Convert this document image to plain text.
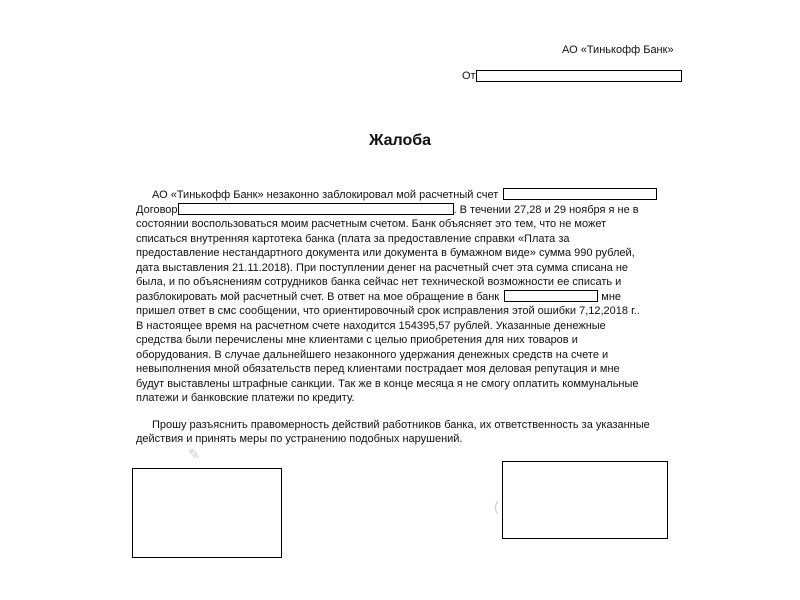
АО «Тинькофф Банк»
От
Жалоба
АО «Тинькофф Банк» незаконно заблокировал мой расчетный счет
Договор	. В течении 27,28 и 29 ноября я не в
состоянии воспользоваться моим расчетным счетом. Банк объясняет это тем, что не может
списаться внутренняя картотека банка (плата за предоставление справки «Плата за
предоставление нестандартного документа или документа в бумажном виде» сумма 990 рублей,
дата выставления 21.11.2018). При поступлении денег на расчетный счет эта сумма списана не
была, и по объяснениям сотрудников банка сейчас нет технической возможности ее списать и
разблокировать мой расчетный счет. В ответ на мое обращение в банк	мне
пришел ответ в смс сообщении, что ориентировочный срок исправления этой ошибки 7,12,2018 г..
В настоящее время на расчетном счете находится 154395,57 рублей. Указанные денежные
средства были перечислены мне клиентами с целью приобретения для них товаров и
оборудования. В случае дальнейшего незаконного удержания денежных средств на счете и
невыполнения мной обязательств перед клиентами пострадает моя деловая репутация и мне
будут выставлены штрафные санкции. Так же в конце месяца я не смогу оплатить коммунальные
платежи и банковские платежи по кредиту.
Прошу разъяснить правомерность действий работников банка, их ответственность за указанные
действия и принять меры по устранению подобных нарушений.
✎
(
